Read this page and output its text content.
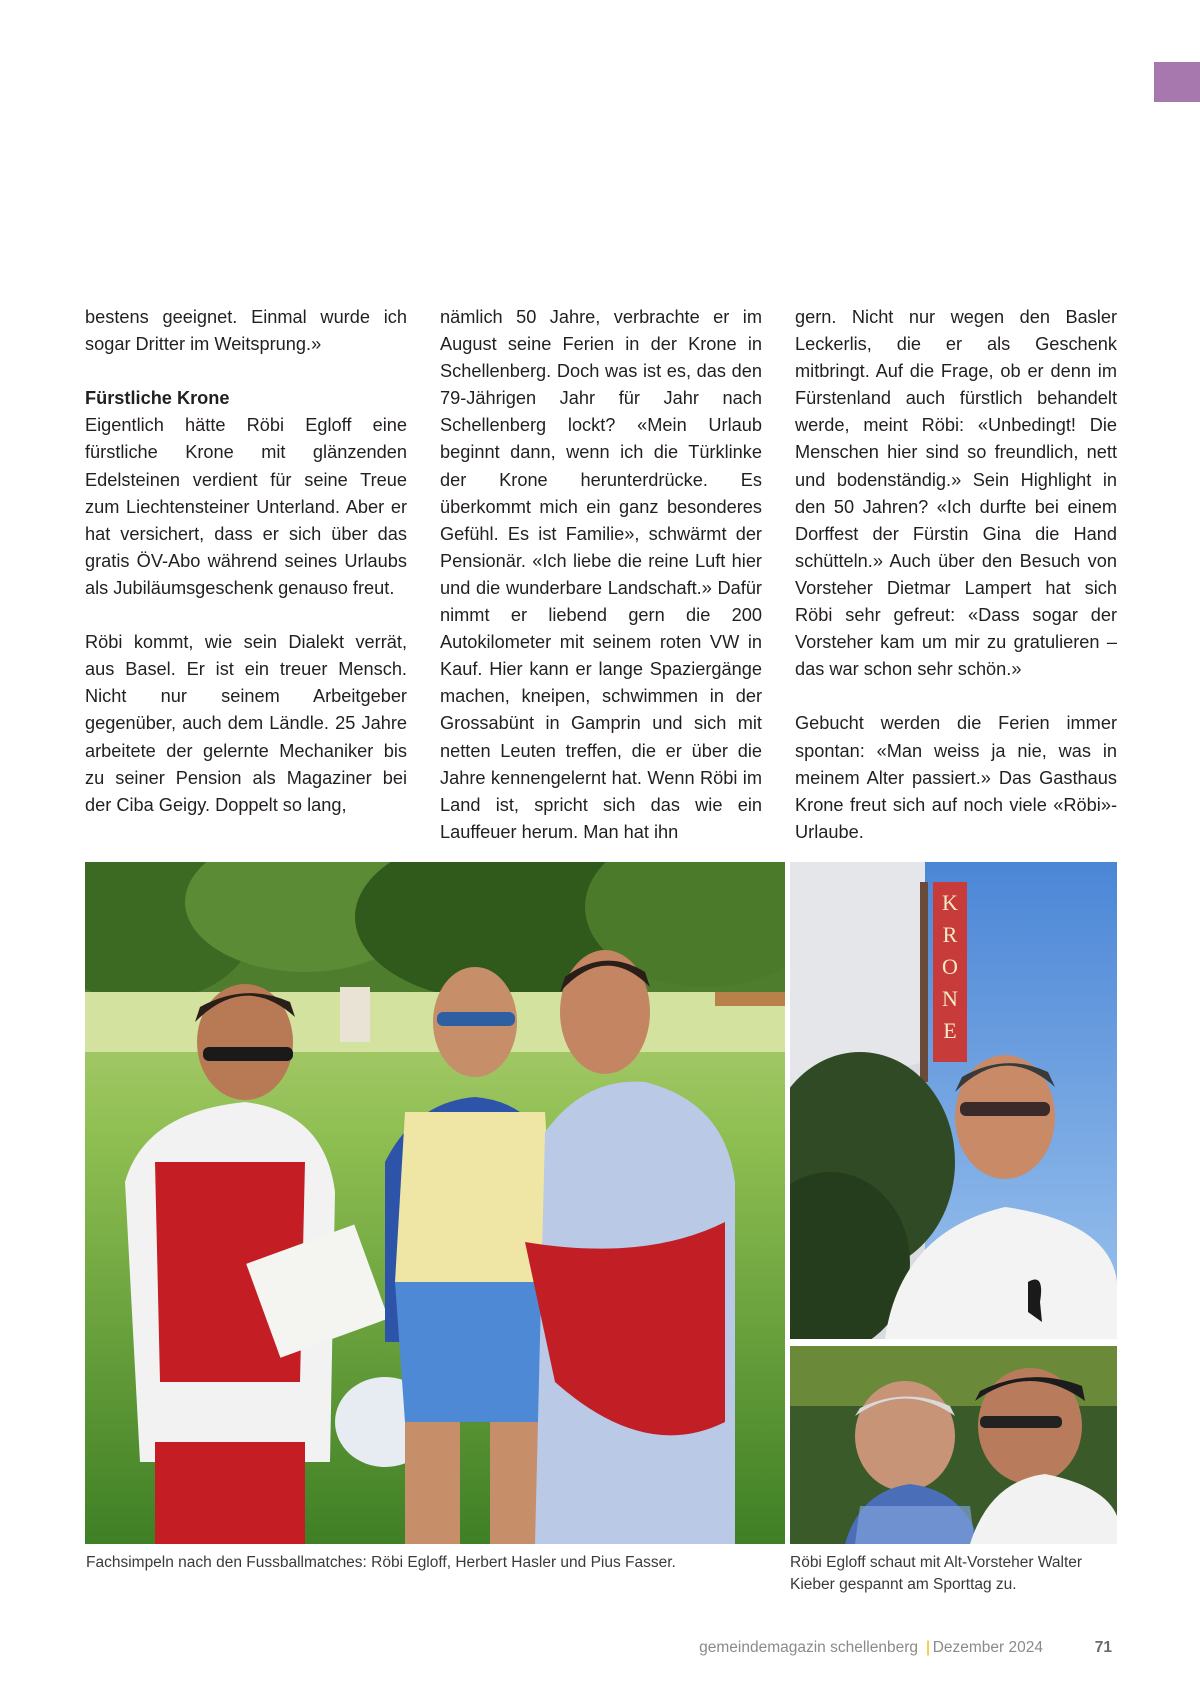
bestens geeignet. Einmal wurde ich sogar Dritter im Weitsprung.»

Fürstliche Krone

Eigentlich hätte Röbi Egloff eine fürstliche Krone mit glänzenden Edelsteinen verdient für seine Treue zum Liechtensteiner Unterland. Aber er hat versichert, dass er sich über das gratis ÖV-Abo während seines Urlaubs als Jubiläumsgeschenk genauso freut.

Röbi kommt, wie sein Dialekt verrät, aus Basel. Er ist ein treuer Mensch. Nicht nur seinem Arbeitgeber gegenüber, auch dem Ländle. 25 Jahre arbeitete der gelernte Mechaniker bis zu seiner Pension als Magaziner bei der Ciba Geigy. Doppelt so lang,

nämlich 50 Jahre, verbrachte er im August seine Ferien in der Krone in Schellenberg. Doch was ist es, das den 79-Jährigen Jahr für Jahr nach Schellenberg lockt? «Mein Urlaub beginnt dann, wenn ich die Türklinke der Krone herunterdrücke. Es überkommt mich ein ganz besonderes Gefühl. Es ist Familie», schwärmt der Pensionär. «Ich liebe die reine Luft hier und die wunderbare Landschaft.» Dafür nimmt er liebend gern die 200 Autokilometer mit seinem roten VW in Kauf. Hier kann er lange Spaziergänge machen, kneipen, schwimmen in der Grossabünt in Gamprin und sich mit netten Leuten treffen, die er über die Jahre kennengelernt hat. Wenn Röbi im Land ist, spricht sich das wie ein Lauffeuer herum. Man hat ihn

gern. Nicht nur wegen den Basler Leckerlis, die er als Geschenk mitbringt. Auf die Frage, ob er denn im Fürstenland auch fürstlich behandelt werde, meint Röbi: «Unbedingt! Die Menschen hier sind so freundlich, nett und bodenständig.» Sein Highlight in den 50 Jahren? «Ich durfte bei einem Dorffest der Fürstin Gina die Hand schütteln.» Auch über den Besuch von Vorsteher Dietmar Lampert hat sich Röbi sehr gefreut: «Dass sogar der Vorsteher kam um mir zu gratulieren – das war schon sehr schön.»

Gebucht werden die Ferien immer spontan: «Man weiss ja nie, was in meinem Alter passiert.» Das Gasthaus Krone freut sich auf noch viele «Röbi»-Urlaube.

K
R
O
N
E

Fachsimpeln nach den Fussballmatches: Röbi Egloff, Herbert Hasler und Pius Fasser.	Röbi Egloff schaut mit Alt-Vorsteher Walter Kieber gespannt am Sporttag zu.

gemeindemagazin schellenberg | Dezember 2024	71
